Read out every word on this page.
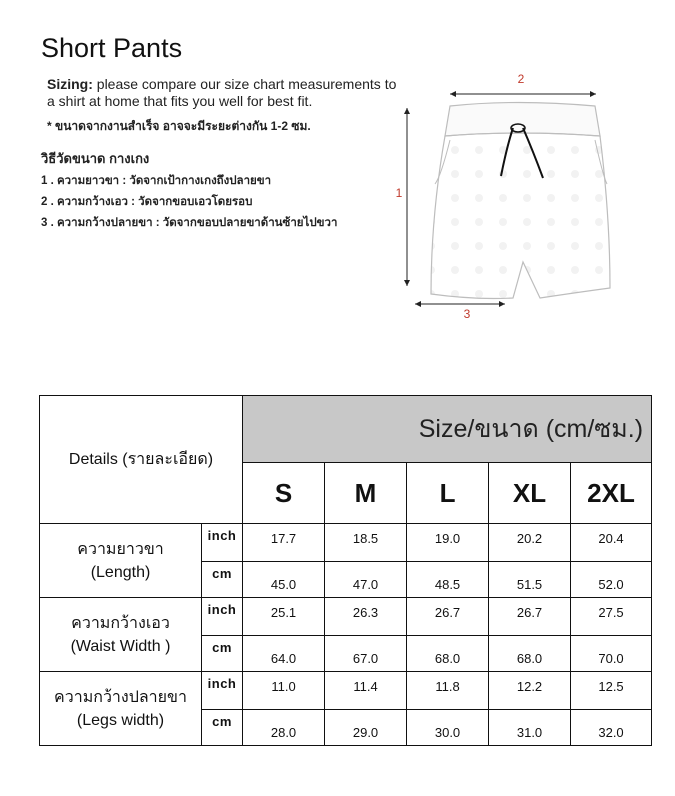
Short Pants
Sizing: please compare our size chart measurements to a shirt at home that fits you well for best fit.
* ขนาดจากงานสำเร็จ อาจจะมีระยะต่างกัน 1-2 ซม.
วิธีวัดขนาด กางเกง
1 . ความยาวขา : วัดจากเป้ากางเกงถึงปลายขา
2 . ความกว้างเอว : วัดจากขอบเอวโดยรอบ
3 . ความกว้างปลายขา : วัดจากขอบปลายขาด้านซ้ายไปขวา
2
1
3
Details (รายละเอียด)		Size/ขนาด (cm/ซม.)				
		S	M	L	XL	2XL

ความยาวขา
(Length)	inch	17.7	18.5	19.0	20.2	20.4
	cm	45.0	47.0	48.5	51.5	52.0

ความกว้างเอว
(Waist Width )	inch	25.1	26.3	26.7	26.7	27.5
	cm	64.0	67.0	68.0	68.0	70.0

ความกว้างปลายขา
(Legs width)	inch	11.0	11.4	11.8	12.2	12.5
	cm	28.0	29.0	30.0	31.0	32.0
